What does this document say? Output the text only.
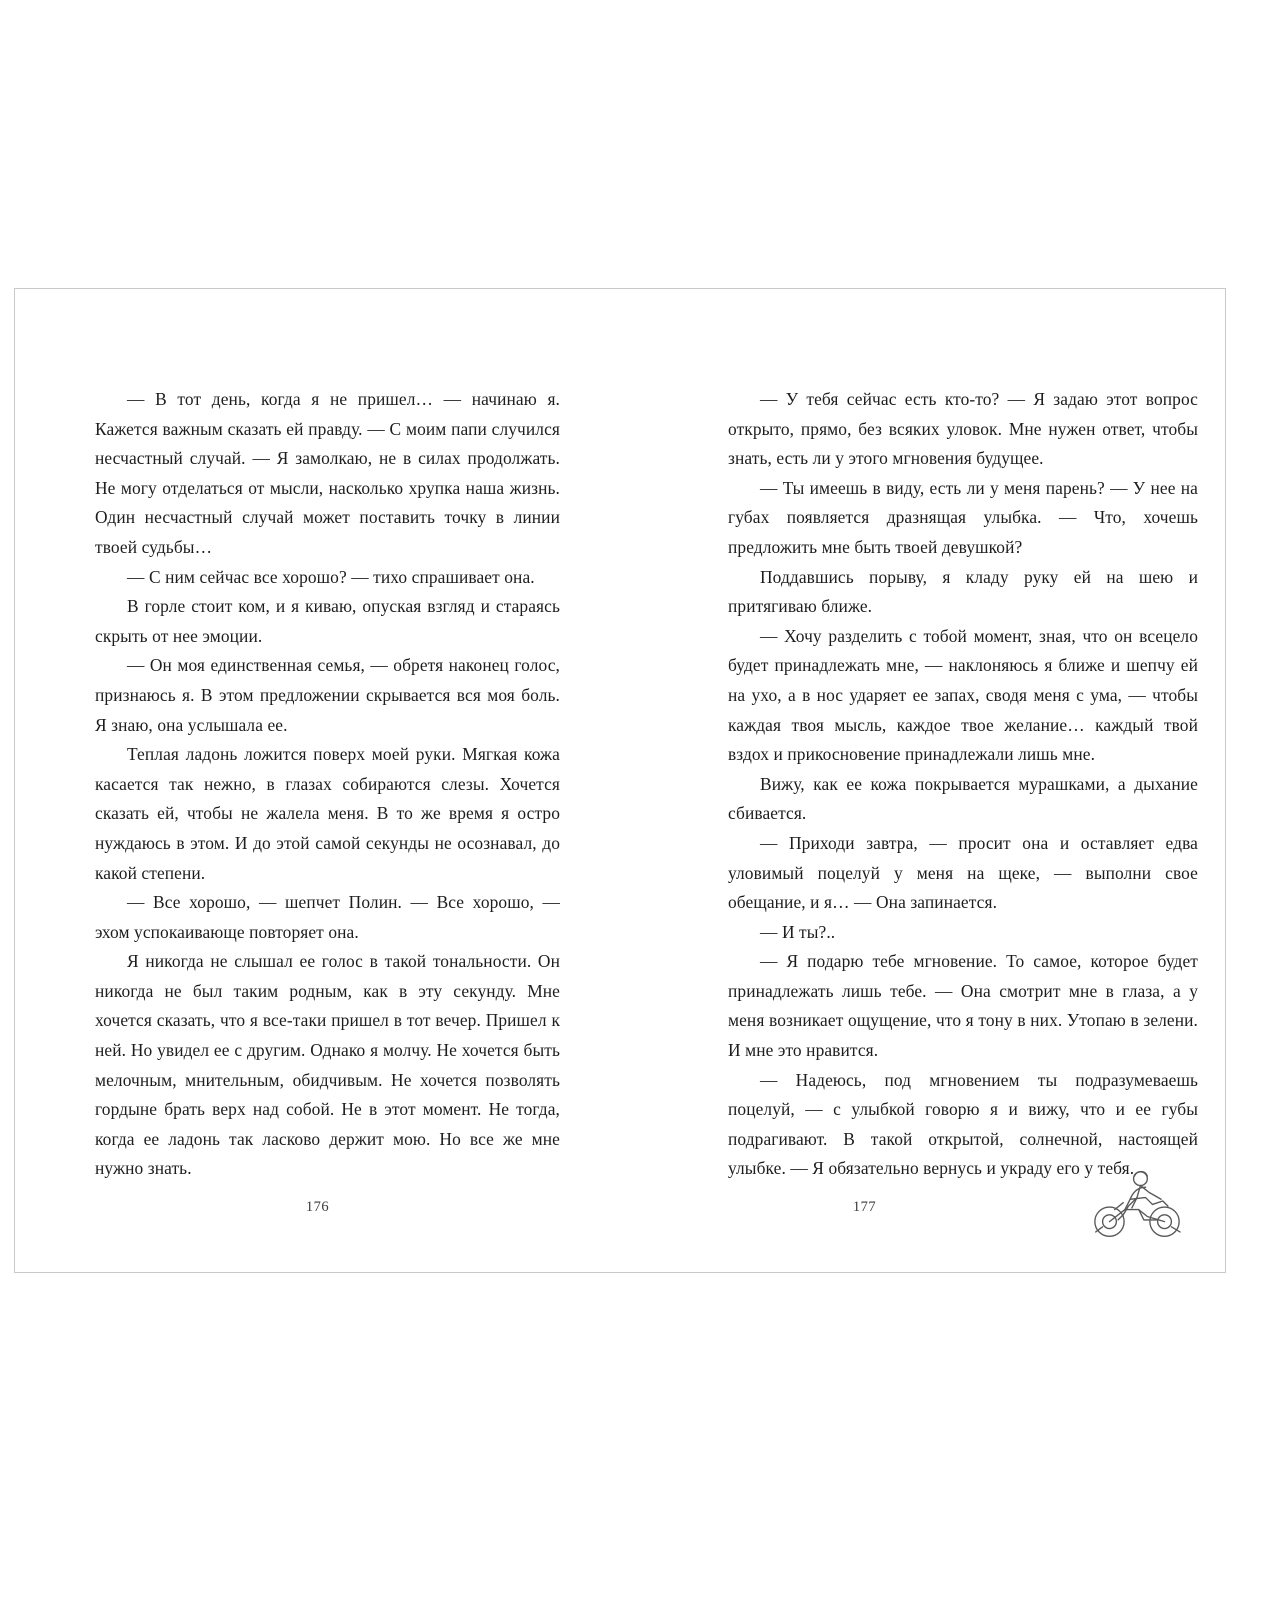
— В тот день, когда я не пришел… — начинаю я. Кажется важным сказать ей правду. — С моим папи случился несчастный случай. — Я замолкаю, не в силах продолжать. Не могу отделаться от мысли, насколько хрупка наша жизнь. Один несчастный случай может поставить точку в линии твоей судьбы…

— С ним сейчас все хорошо? — тихо спрашивает она.

В горле стоит ком, и я киваю, опуская взгляд и стараясь скрыть от нее эмоции.

— Он моя единственная семья, — обретя наконец голос, признаюсь я. В этом предложении скрывается вся моя боль. Я знаю, она услышала ее.

Теплая ладонь ложится поверх моей руки. Мягкая кожа касается так нежно, в глазах собираются слезы. Хочется сказать ей, чтобы не жалела меня. В то же время я остро нуждаюсь в этом. И до этой самой секунды не осознавал, до какой степени.

— Все хорошо, — шепчет Полин. — Все хорошо, — эхом успокаивающе повторяет она.

Я никогда не слышал ее голос в такой тональности. Он никогда не был таким родным, как в эту секунду. Мне хочется сказать, что я все-таки пришел в тот вечер. Пришел к ней. Но увидел ее с другим. Однако я молчу. Не хочется быть мелочным, мнительным, обидчивым. Не хочется позволять гордыне брать верх над собой. Не в этот момент. Не тогда, когда ее ладонь так ласково держит мою. Но все же мне нужно знать.

176

— У тебя сейчас есть кто-то? — Я задаю этот вопрос открыто, прямо, без всяких уловок. Мне нужен ответ, чтобы знать, есть ли у этого мгновения будущее.

— Ты имеешь в виду, есть ли у меня парень? — У нее на губах появляется дразнящая улыбка. — Что, хочешь предложить мне быть твоей девушкой?

Поддавшись порыву, я кладу руку ей на шею и притягиваю ближе.

— Хочу разделить с тобой момент, зная, что он всецело будет принадлежать мне, — наклоняюсь я ближе и шепчу ей на ухо, а в нос ударяет ее запах, сводя меня с ума, — чтобы каждая твоя мысль, каждое твое желание… каждый твой вздох и прикосновение принадлежали лишь мне.

Вижу, как ее кожа покрывается мурашками, а дыхание сбивается.

— Приходи завтра, — просит она и оставляет едва уловимый поцелуй у меня на щеке, — выполни свое обещание, и я… — Она запинается.

— И ты?..

— Я подарю тебе мгновение. То самое, которое будет принадлежать лишь тебе. — Она смотрит мне в глаза, а у меня возникает ощущение, что я тону в них. Утопаю в зелени. И мне это нравится.

— Надеюсь, под мгновением ты подразумеваешь поцелуй, — с улыбкой говорю я и вижу, что и ее губы подрагивают. В такой открытой, солнечной, настоящей улыбке. — Я обязательно вернусь и украду его у тебя.

177
